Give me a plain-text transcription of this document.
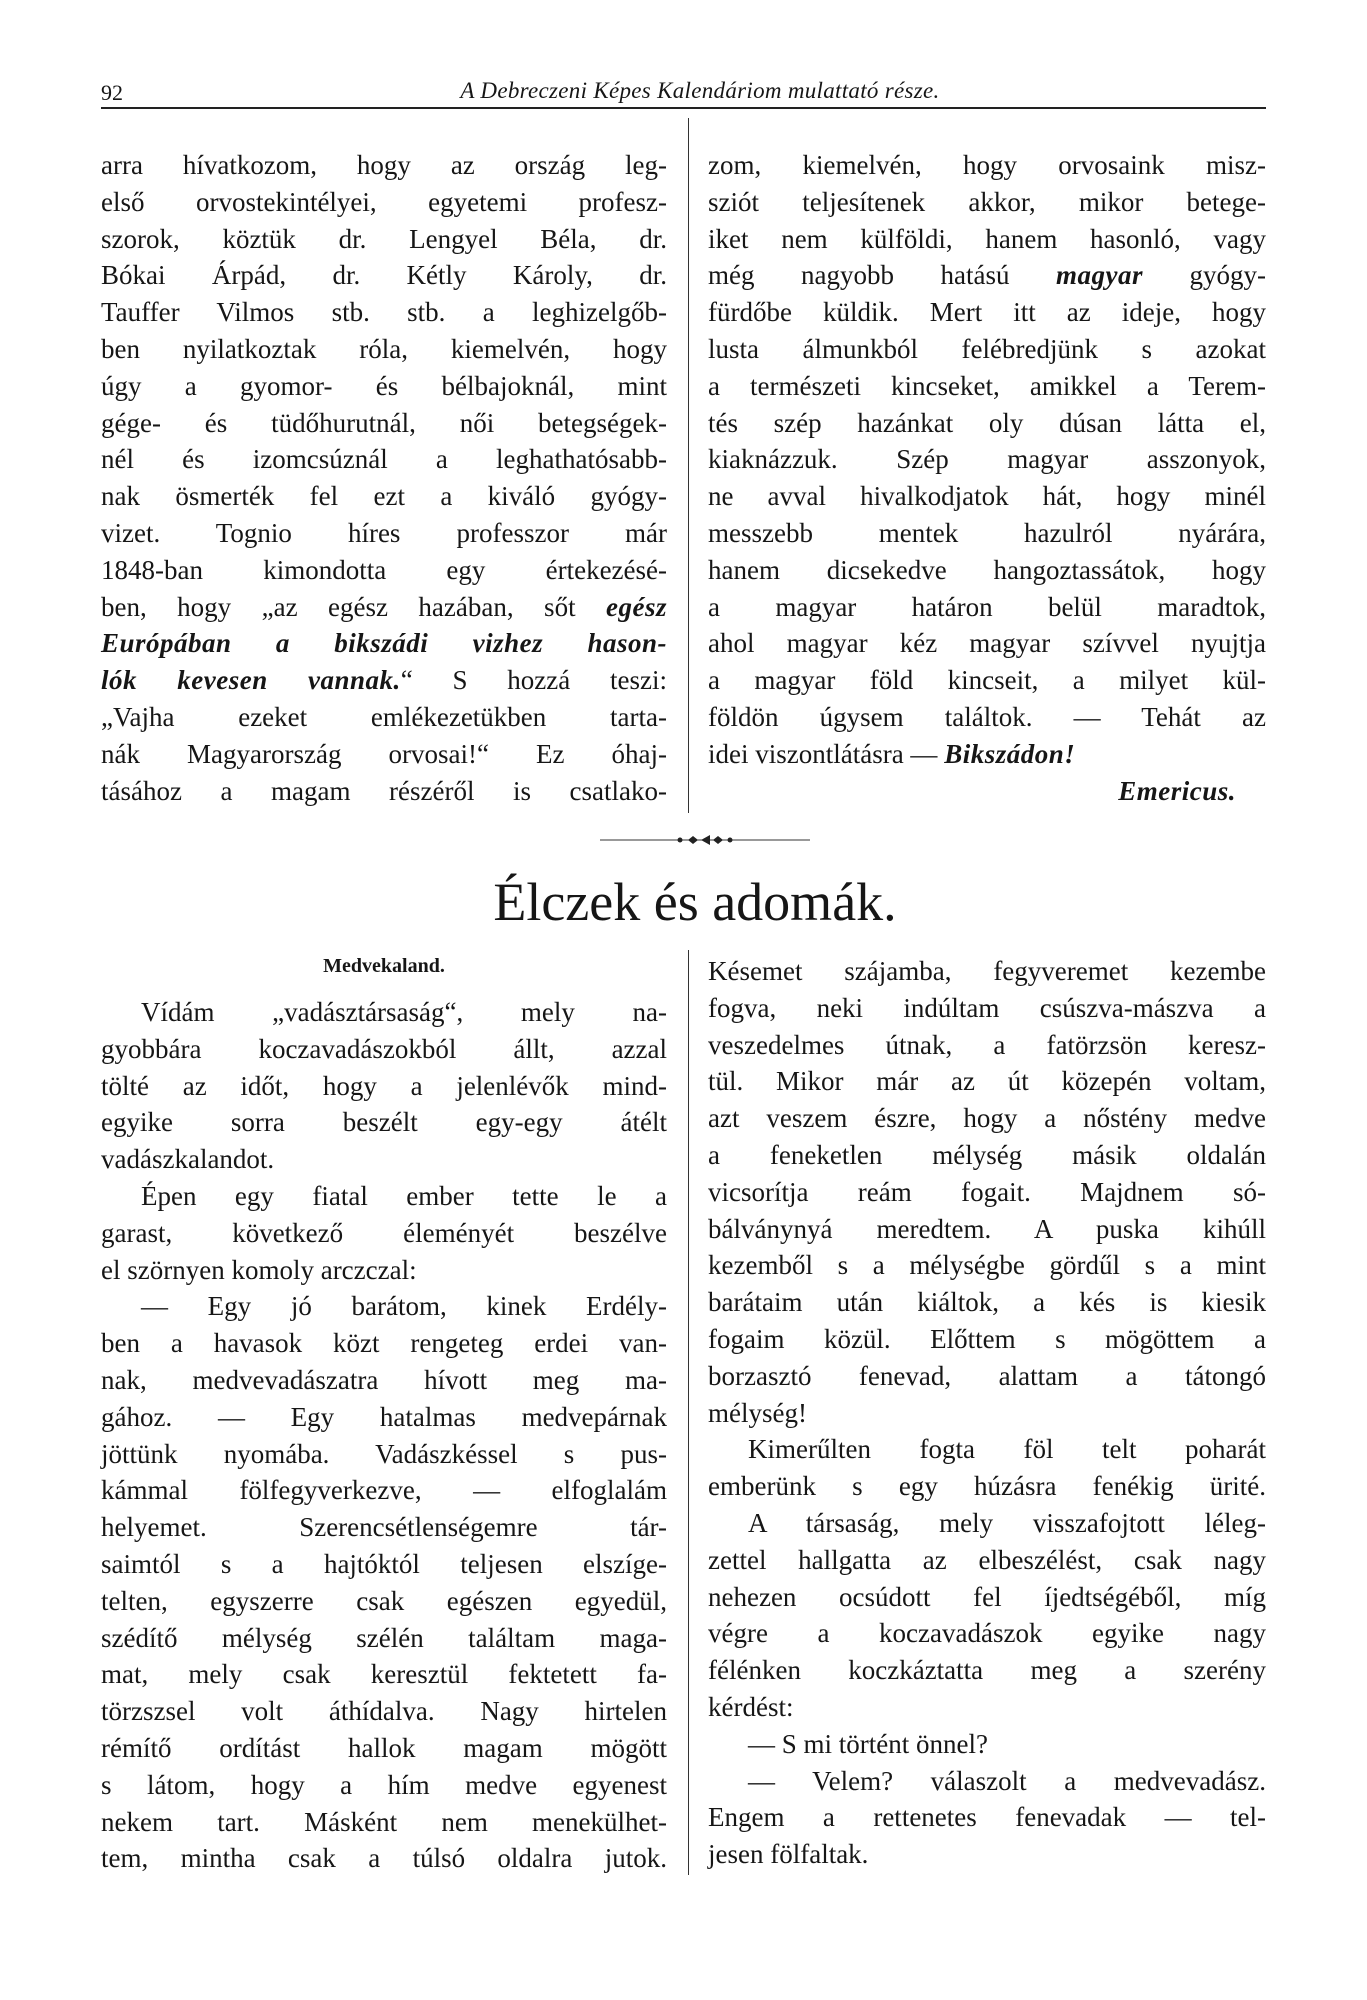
92	A Debreczeni Képes Kalendáriom mulattató része.
arra hívatkozom, hogy az ország leg-
első orvostekintélyei, egyetemi profesz-
szorok, köztük dr. Lengyel Béla, dr.
Bókai Árpád, dr. Kétly Károly, dr.
Tauffer Vilmos stb. stb. a leghizelgőb-
ben nyilatkoztak róla, kiemelvén, hogy
úgy a gyomor- és bélbajoknál, mint
gége- és tüdőhurutnál, női betegségek-
nél és izomcsúznál a leghathatósabb-
nak ösmerték fel ezt a kiváló gyógy-
vizet. Tognio híres professzor már
1848-ban kimondotta egy értekezésé-
ben, hogy „az egész hazában, sőt egész
Európában a bikszádi vizhez hason-
lók kevesen vannak.“ S hozzá teszi:
„Vajha ezeket emlékezetükben tarta-
nák Magyarország orvosai!“ Ez óhaj-
tásához a magam részéről is csatlako-
zom, kiemelvén, hogy orvosaink misz-
sziót teljesítenek akkor, mikor betege-
iket nem külföldi, hanem hasonló, vagy
még nagyobb hatású magyar gyógy-
fürdőbe küldik. Mert itt az ideje, hogy
lusta álmunkból felébredjünk s azokat
a természeti kincseket, amikkel a Terem-
tés szép hazánkat oly dúsan látta el,
kiaknázzuk. Szép magyar asszonyok,
ne avval hivalkodjatok hát, hogy minél
messzebb mentek hazulról nyárára,
hanem dicsekedve hangoztassátok, hogy
a magyar határon belül maradtok,
ahol magyar kéz magyar szívvel nyujtja
a magyar föld kincseit, a milyet kül-
földön úgysem találtok. — Tehát az
idei viszontlátásra — Bikszádon!
Emericus.
Élczek és adomák.
Medvekaland.
Vídám „vadásztársaság“, mely na-
gyobbára koczavadászokból állt, azzal
tölté az időt, hogy a jelenlévők mind-
egyike sorra beszélt egy-egy átélt
vadászkalandot.
Épen egy fiatal ember tette le a
garast, következő éleményét beszélve
el szörnyen komoly arczczal:
— Egy jó barátom, kinek Erdély-
ben a havasok közt rengeteg erdei van-
nak, medvevadászatra hívott meg ma-
gához. — Egy hatalmas medvepárnak
jöttünk nyomába. Vadászkéssel s pus-
kámmal fölfegyverkezve, — elfoglalám
helyemet. Szerencsétlenségemre tár-
saimtól s a hajtóktól teljesen elszíge-
telten, egyszerre csak egészen egyedül,
szédítő mélység szélén találtam maga-
mat, mely csak keresztül fektetett fa-
törzszsel volt áthídalva. Nagy hirtelen
rémítő ordítást hallok magam mögött
s látom, hogy a hím medve egyenest
nekem tart. Másként nem menekülhet-
tem, mintha csak a túlsó oldalra jutok.
Késemet szájamba, fegyveremet kezembe
fogva, neki indúltam csúszva-mászva a
veszedelmes útnak, a fatörzsön keresz-
tül. Mikor már az út közepén voltam,
azt veszem észre, hogy a nőstény medve
a feneketlen mélység másik oldalán
vicsorítja reám fogait. Majdnem só-
bálványnyá meredtem. A puska kihúll
kezemből s a mélységbe gördűl s a mint
barátaim után kiáltok, a kés is kiesik
fogaim közül. Előttem s mögöttem a
borzasztó fenevad, alattam a tátongó
mélység!
Kimerűlten fogta föl telt poharát
emberünk s egy húzásra fenékig ürité.
A társaság, mely visszafojtott léleg-
zettel hallgatta az elbeszélést, csak nagy
nehezen ocsúdott fel íjedtségéből, míg
végre a koczavadászok egyike nagy
félénken koczkáztatta meg a szerény
kérdést:
— S mi történt önnel?
— Velem? válaszolt a medvevadász.
Engem a rettenetes fenevadak — tel-
jesen fölfaltak.
